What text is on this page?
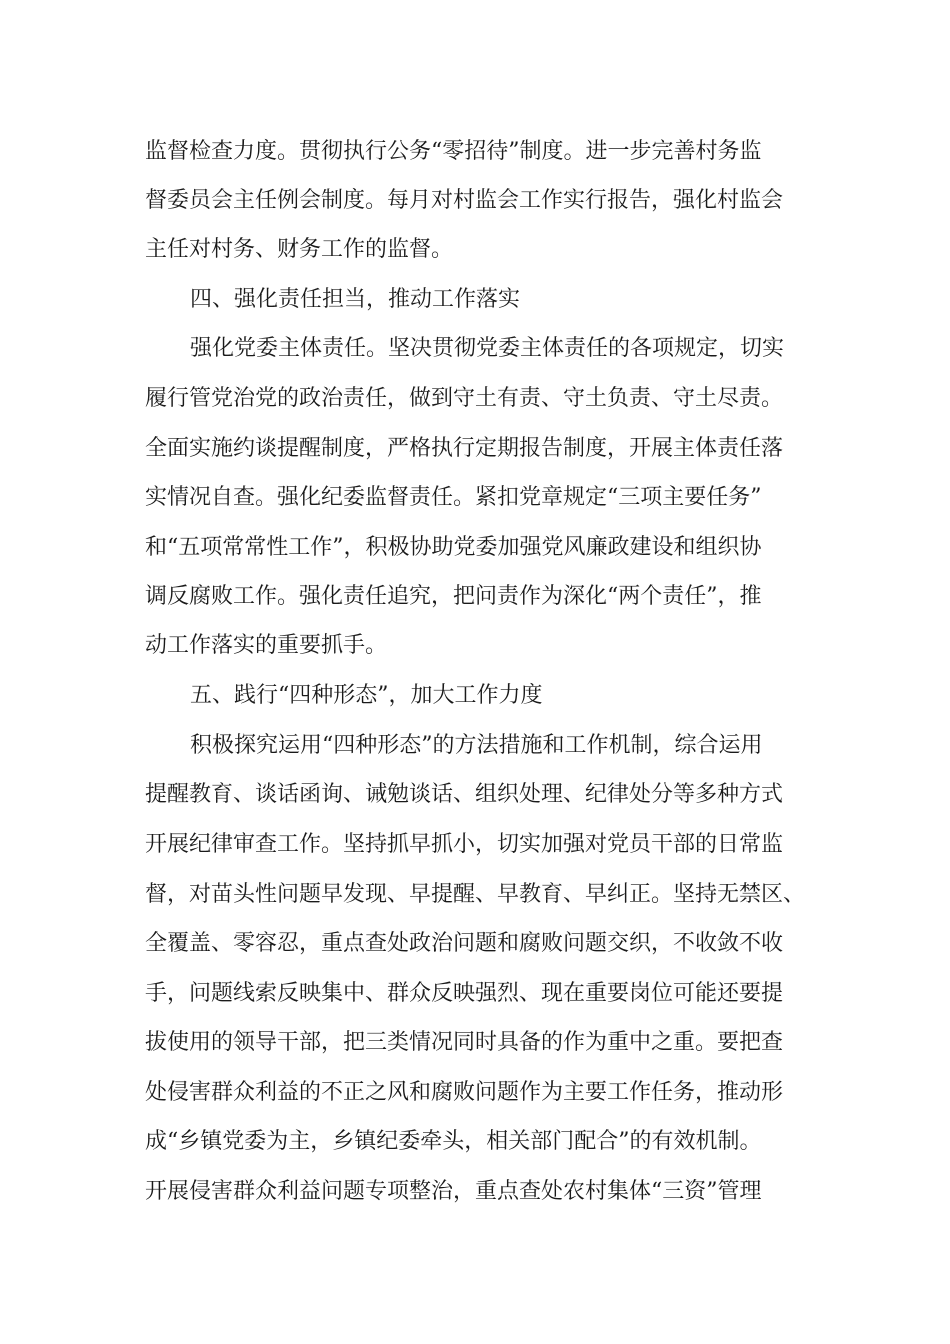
监督检查力度。贯彻执行公务“零招待”制度。进一步完善村务监
督委员会主任例会制度。每月对村监会工作实行报告，强化村监会
主任对村务、财务工作的监督。
四、强化责任担当，推动工作落实
强化党委主体责任。坚决贯彻党委主体责任的各项规定，切实
履行管党治党的政治责任，做到守土有责、守土负责、守土尽责。
全面实施约谈提醒制度，严格执行定期报告制度，开展主体责任落
实情况自查。强化纪委监督责任。紧扣党章规定“三项主要任务”
和“五项常常性工作”，积极协助党委加强党风廉政建设和组织协
调反腐败工作。强化责任追究，把问责作为深化“两个责任”，推
动工作落实的重要抓手。
五、践行“四种形态”，加大工作力度
积极探究运用“四种形态”的方法措施和工作机制，综合运用
提醒教育、谈话函询、诫勉谈话、组织处理、纪律处分等多种方式
开展纪律审查工作。坚持抓早抓小，切实加强对党员干部的日常监
督，对苗头性问题早发现、早提醒、早教育、早纠正。坚持无禁区、
全覆盖、零容忍，重点查处政治问题和腐败问题交织，不收敛不收
手，问题线索反映集中、群众反映强烈、现在重要岗位可能还要提
拔使用的领导干部，把三类情况同时具备的作为重中之重。要把查
处侵害群众利益的不正之风和腐败问题作为主要工作任务，推动形
成“乡镇党委为主，乡镇纪委牵头，相关部门配合”的有效机制。
开展侵害群众利益问题专项整治，重点查处农村集体“三资”管理
